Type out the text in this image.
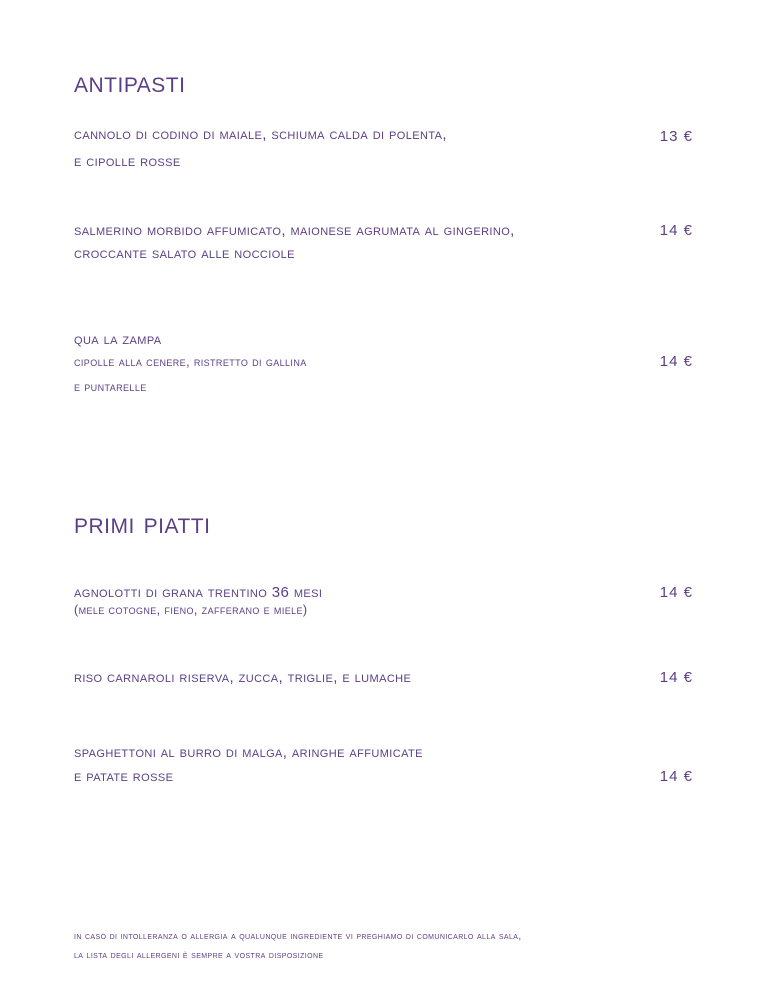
antipasti
cannolo di codino di maiale, schiuma calda di polenta,
e cipolle rosse
13 €
salmerino morbido affumicato, maionese agrumata al gingerino,
croccante salato alle nocciole
14 €
qua la zampa
cipolle alla cenere, ristretto di gallina
e puntarelle
14 €
primi piatti
agnolotti di grana trentino 36 mesi
(mele cotogne, fieno, zafferano e miele)
14 €
riso carnaroli riserva, zucca, triglie, e lumache	14 €
spaghettoni al burro di malga, aringhe affumicate
e patate rosse	14 €
in caso di intolleranza o allergia a qualunque ingrediente vi preghiamo di comunicarlo alla sala,
la lista degli allergeni è sempre a vostra disposizione
